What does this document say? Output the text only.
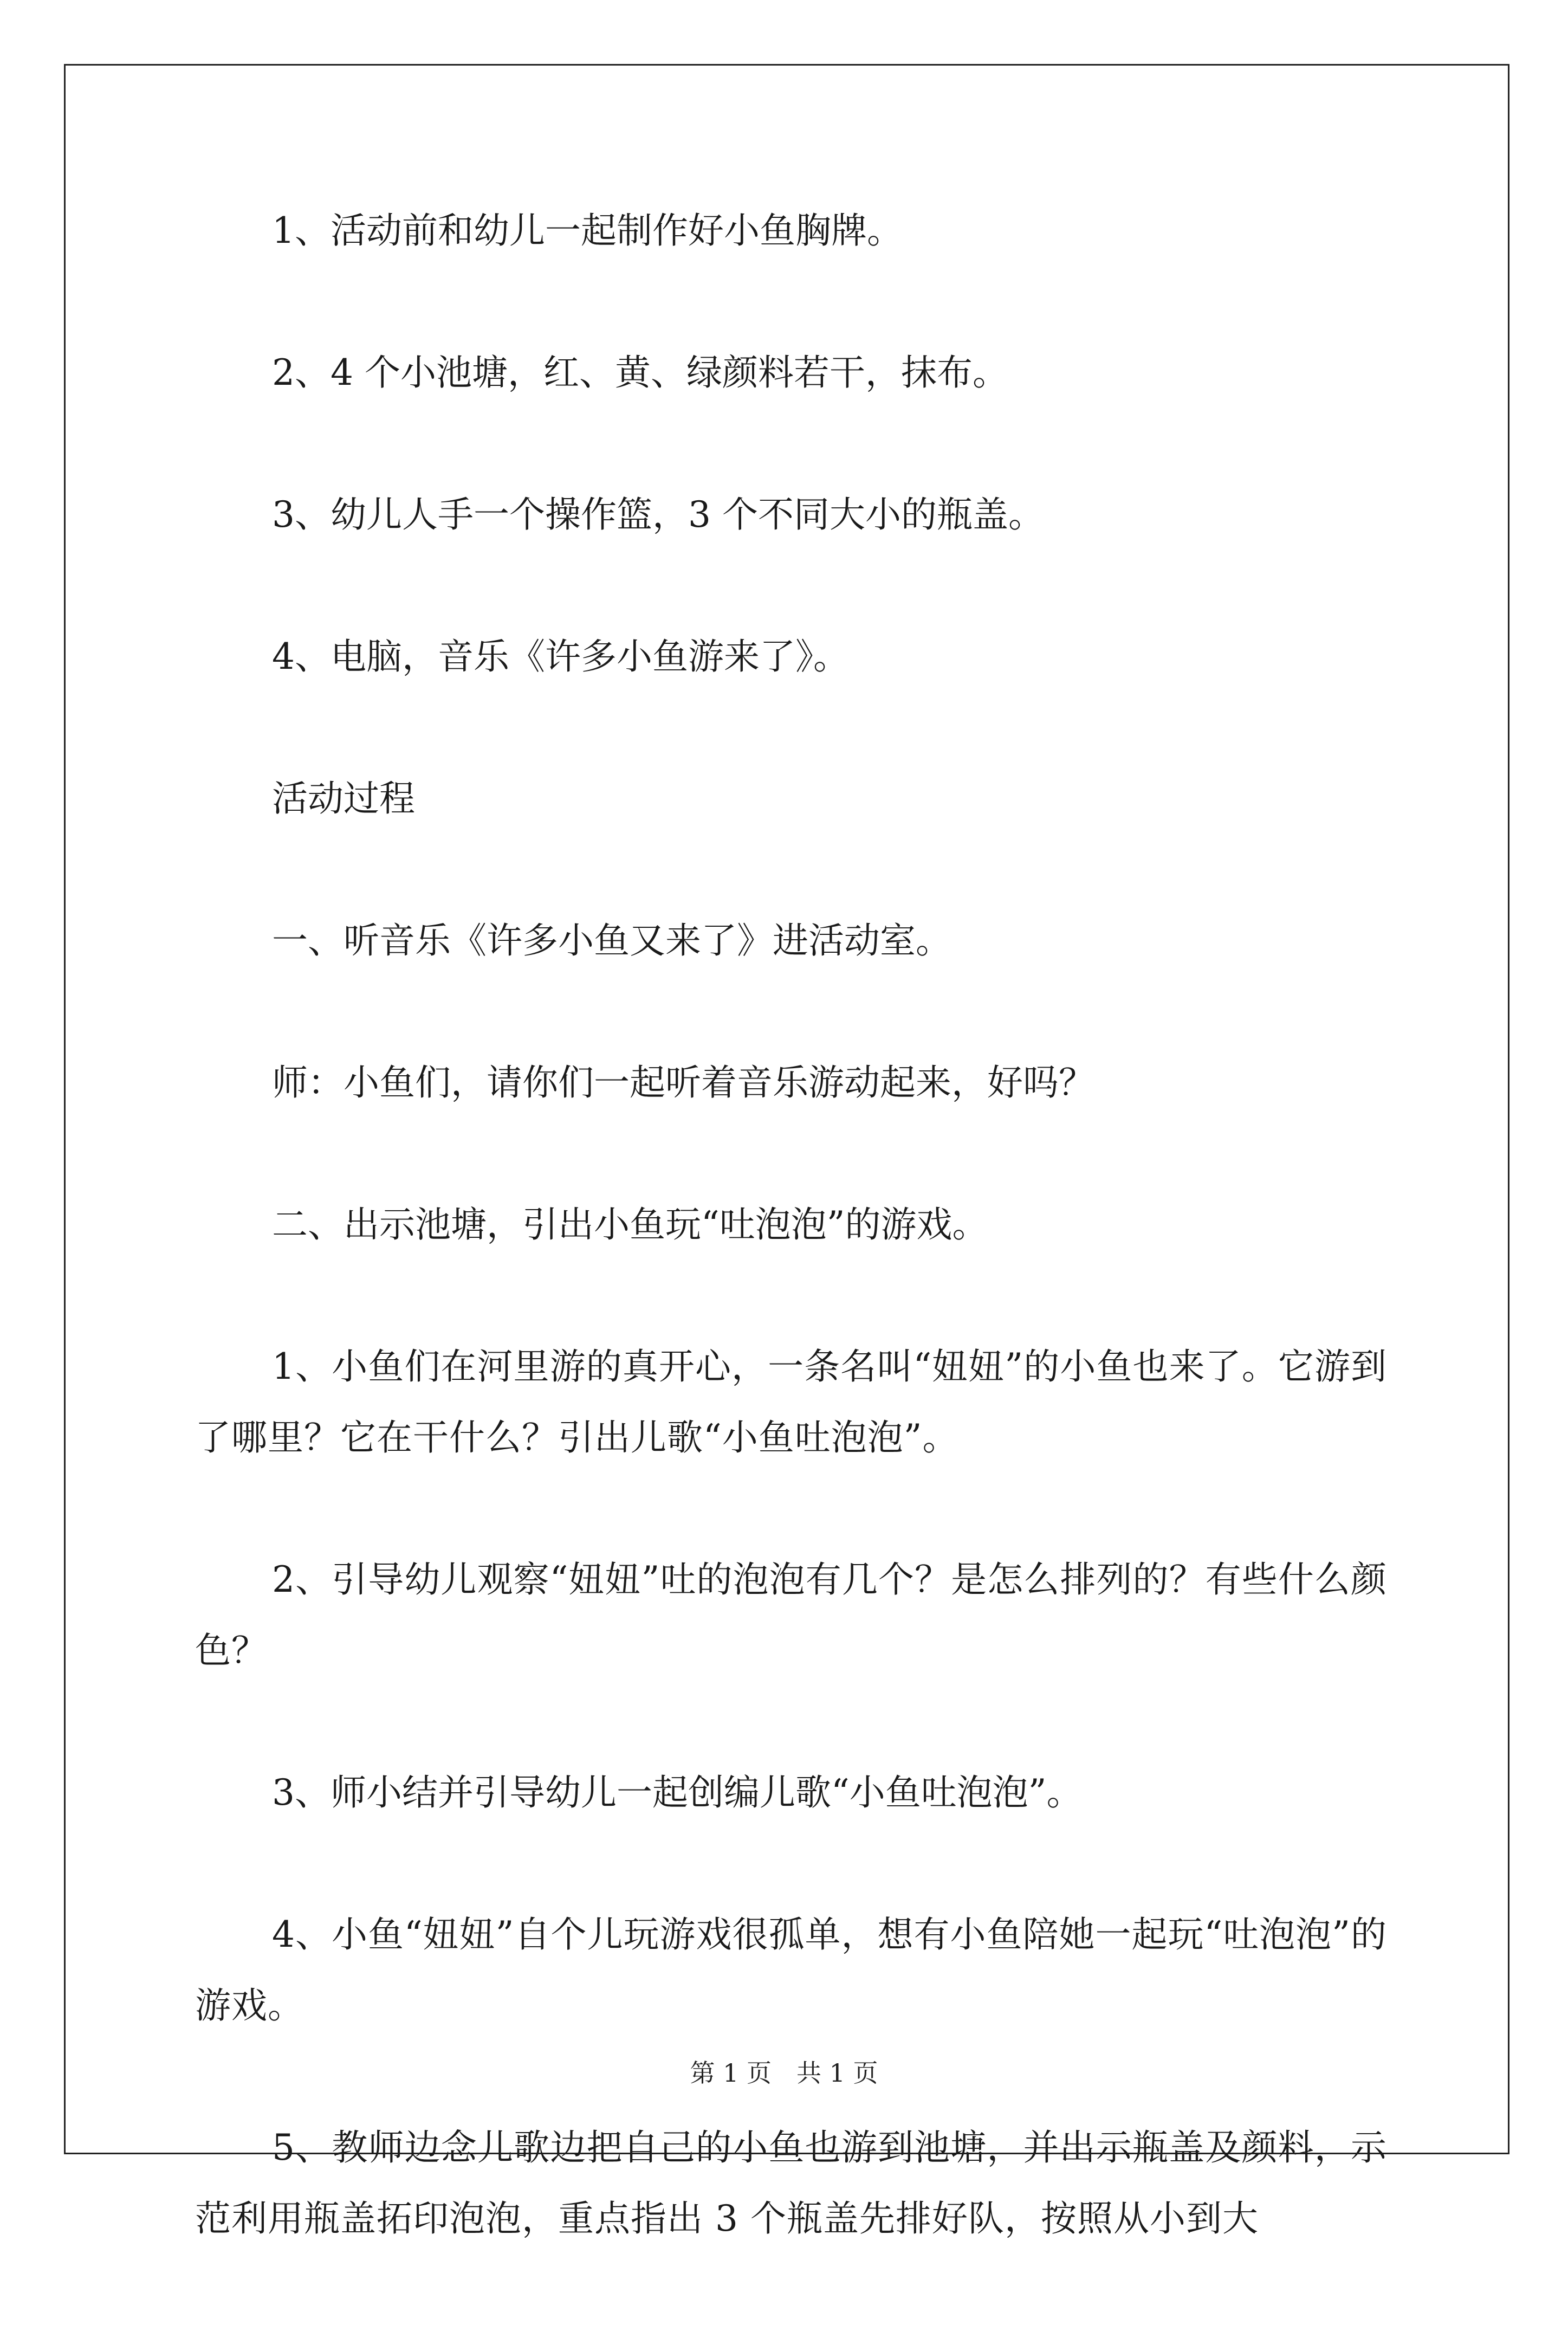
1、活动前和幼儿一起制作好小鱼胸牌。

2、4 个小池塘，红、黄、绿颜料若干，抹布。

3、幼儿人手一个操作篮，3 个不同大小的瓶盖。

4、电脑，音乐《许多小鱼游来了》。

活动过程

一、听音乐《许多小鱼又来了》进活动室。

师：小鱼们，请你们一起听着音乐游动起来，好吗？

二、出示池塘，引出小鱼玩“吐泡泡”的游戏。

1、小鱼们在河里游的真开心，一条名叫“妞妞”的小鱼也来了。它游到了哪里？它在干什么？引出儿歌“小鱼吐泡泡”。

2、引导幼儿观察“妞妞”吐的泡泡有几个？是怎么排列的？有些什么颜色？

3、师小结并引导幼儿一起创编儿歌“小鱼吐泡泡”。

4、小鱼“妞妞”自个儿玩游戏很孤单，想有小鱼陪她一起玩“吐泡泡”的游戏。

5、教师边念儿歌边把自己的小鱼也游到池塘，并出示瓶盖及颜料，示范利用瓶盖拓印泡泡，重点指出 3 个瓶盖先排好队，按照从小到大

第 1 页　共 1 页
